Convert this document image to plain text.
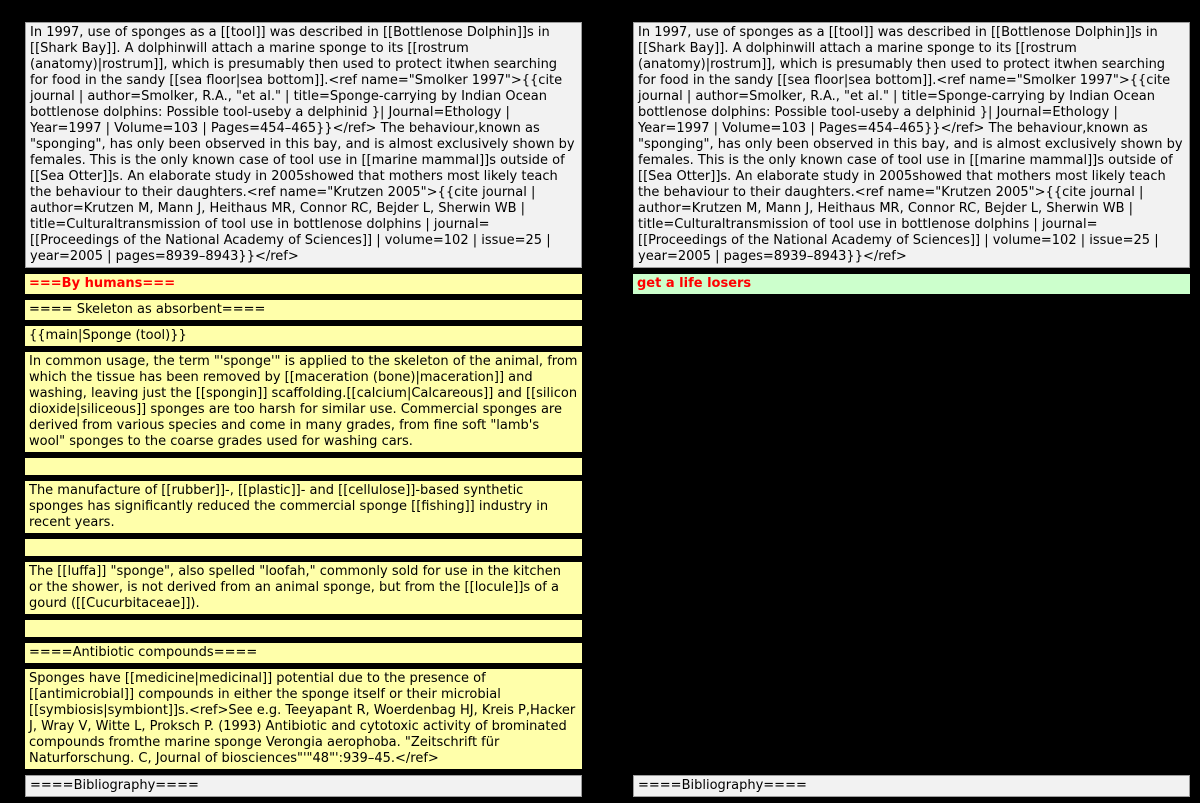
In 1997, use of sponges as a [[tool]] was described in [[Bottlenose Dolphin]]s in [[Shark Bay]]. A dolphinwill attach a marine sponge to its [[rostrum (anatomy)|rostrum]], which is presumably then used to protect itwhen searching for food in the sandy [[sea floor|sea bottom]].<ref name="Smolker 1997">{{cite journal | author=Smolker, R.A., "et al." | title=Sponge-carrying by Indian Ocean bottlenose dolphins: Possible tool-useby a delphinid }| Journal=Ethology | Year=1997 | Volume=103 | Pages=454–465}}</ref> The behaviour,known as "sponging", has only been observed in this bay, and is almost exclusively shown by females. This is the only known case of tool use in [[marine mammal]]s outside of [[Sea Otter]]s. An elaborate study in 2005showed that mothers most likely teach the behaviour to their daughters.<ref name="Krutzen 2005">{{cite journal | author=Krutzen M, Mann J, Heithaus MR, Connor RC, Bejder L, Sherwin WB | title=Culturaltransmission of tool use in bottlenose dolphins | journal=[[Proceedings of the National Academy of Sciences]] | volume=102 | issue=25 | year=2005 | pages=8939–8943}}</ref>		In 1997, use of sponges as a [[tool]] was described in [[Bottlenose Dolphin]]s in [[Shark Bay]]. A dolphinwill attach a marine sponge to its [[rostrum (anatomy)|rostrum]], which is presumably then used to protect itwhen searching for food in the sandy [[sea floor|sea bottom]].<ref name="Smolker 1997">{{cite journal | author=Smolker, R.A., "et al." | title=Sponge-carrying by Indian Ocean bottlenose dolphins: Possible tool-useby a delphinid }| Journal=Ethology | Year=1997 | Volume=103 | Pages=454–465}}</ref> The behaviour,known as "sponging", has only been observed in this bay, and is almost exclusively shown by females. This is the only known case of tool use in [[marine mammal]]s outside of [[Sea Otter]]s. An elaborate study in 2005showed that mothers most likely teach the behaviour to their daughters.<ref name="Krutzen 2005">{{cite journal | author=Krutzen M, Mann J, Heithaus MR, Connor RC, Bejder L, Sherwin WB | title=Culturaltransmission of tool use in bottlenose dolphins | journal=[[Proceedings of the National Academy of Sciences]] | volume=102 | issue=25 | year=2005 | pages=8939–8943}}</ref>
===By humans===		get a life losers
==== Skeleton as absorbent====		
{{main|Sponge (tool)}}		
In common usage, the term "'sponge'" is applied to the skeleton of the animal, from which the tissue has been removed by [[maceration (bone)|maceration]] and washing, leaving just the [[spongin]] scaffolding.[[calcium|Calcareous]] and [[silicon dioxide|siliceous]] sponges are too harsh for similar use. Commercial sponges are derived from various species and come in many grades, from fine soft "lamb's wool" sponges to the coarse grades used for washing cars.		

The manufacture of [[rubber]]-, [[plastic]]- and [[cellulose]]-based synthetic sponges has significantly reduced the commercial sponge [[fishing]] industry in recent years.		

The [[luffa]] "sponge", also spelled "loofah," commonly sold for use in the kitchen or the shower, is not derived from an animal sponge, but from the [[locule]]s of a gourd ([[Cucurbitaceae]]).		

====Antibiotic compounds====		
Sponges have [[medicine|medicinal]] potential due to the presence of [[antimicrobial]] compounds in either the sponge itself or their microbial [[symbiosis|symbiont]]s.<ref>See e.g. Teeyapant R, Woerdenbag HJ, Kreis P,Hacker J, Wray V, Witte L, Proksch P. (1993) Antibiotic and cytotoxic activity of brominated compounds fromthe marine sponge Verongia aerophoba. "Zeitschrift für Naturforschung. C, Journal of biosciences"'"48"':939–45.</ref>		
====Bibliography====		====Bibliography====
